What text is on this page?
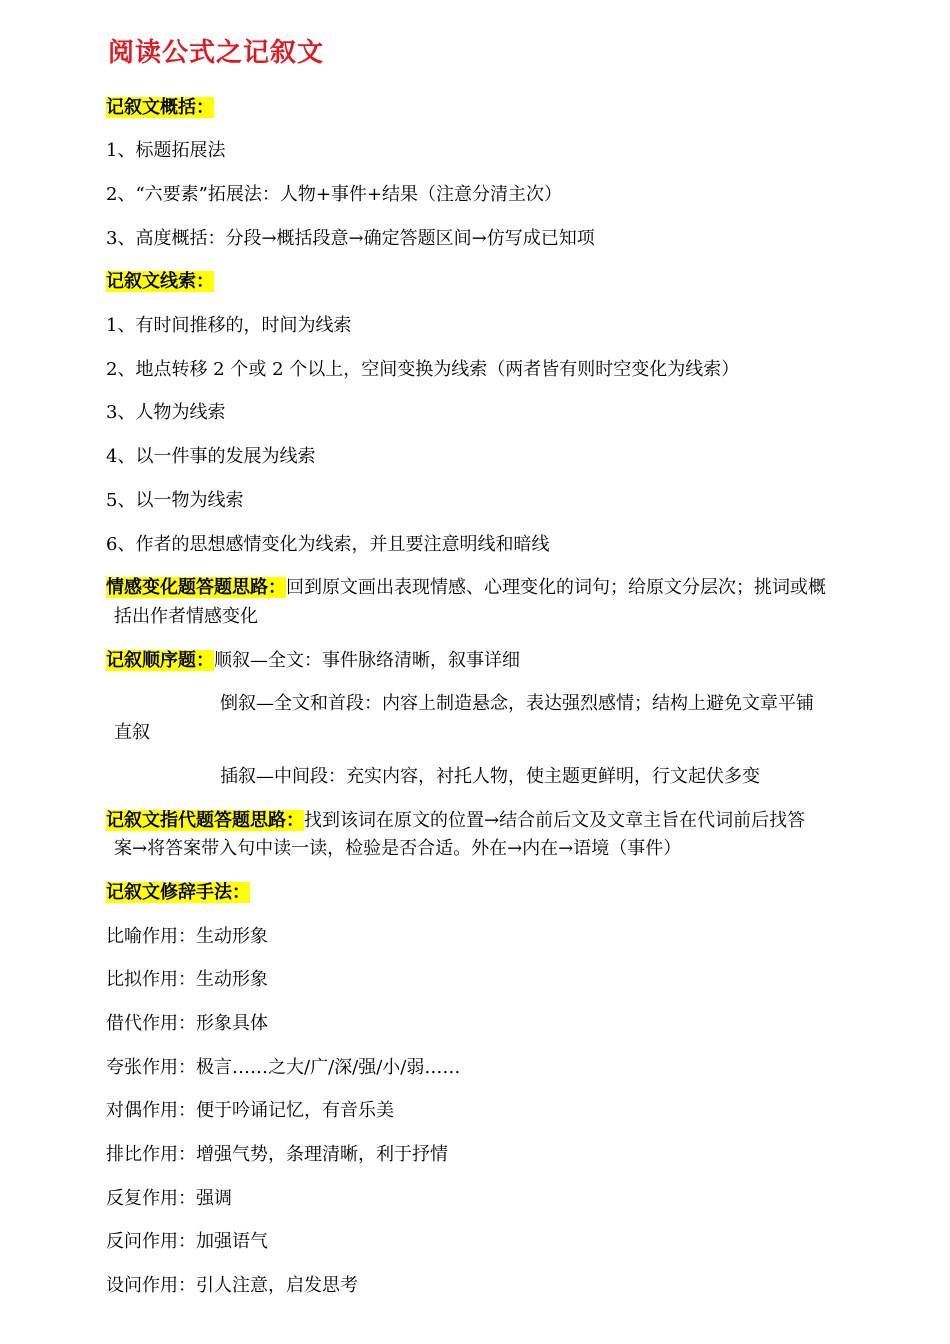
阅读公式之记叙文
记叙文概括：
1、标题拓展法
2、“六要素”拓展法：人物+事件+结果（注意分清主次）
3、高度概括：分段→概括段意→确定答题区间→仿写成已知项
记叙文线索：
1、有时间推移的，时间为线索
2、地点转移 2 个或 2 个以上，空间变换为线索（两者皆有则时空变化为线索）
3、人物为线索
4、以一件事的发展为线索
5、以一物为线索
6、作者的思想感情变化为线索，并且要注意明线和暗线
情感变化题答题思路：回到原文画出表现情感、心理变化的词句；给原文分层次；挑词或概
括出作者情感变化
记叙顺序题：顺叙—全文：事件脉络清晰，叙事详细
倒叙—全文和首段：内容上制造悬念，表达强烈感情；结构上避免文章平铺
直叙
插叙—中间段：充实内容，衬托人物，使主题更鲜明，行文起伏多变
记叙文指代题答题思路：找到该词在原文的位置→结合前后文及文章主旨在代词前后找答
案→将答案带入句中读一读，检验是否合适。外在→内在→语境（事件）
记叙文修辞手法：
比喻作用：生动形象
比拟作用：生动形象
借代作用：形象具体
夸张作用：极言……之大/广/深/强/小/弱……
对偶作用：便于吟诵记忆，有音乐美
排比作用：增强气势，条理清晰，利于抒情
反复作用：强调
反问作用：加强语气
设问作用：引人注意，启发思考
